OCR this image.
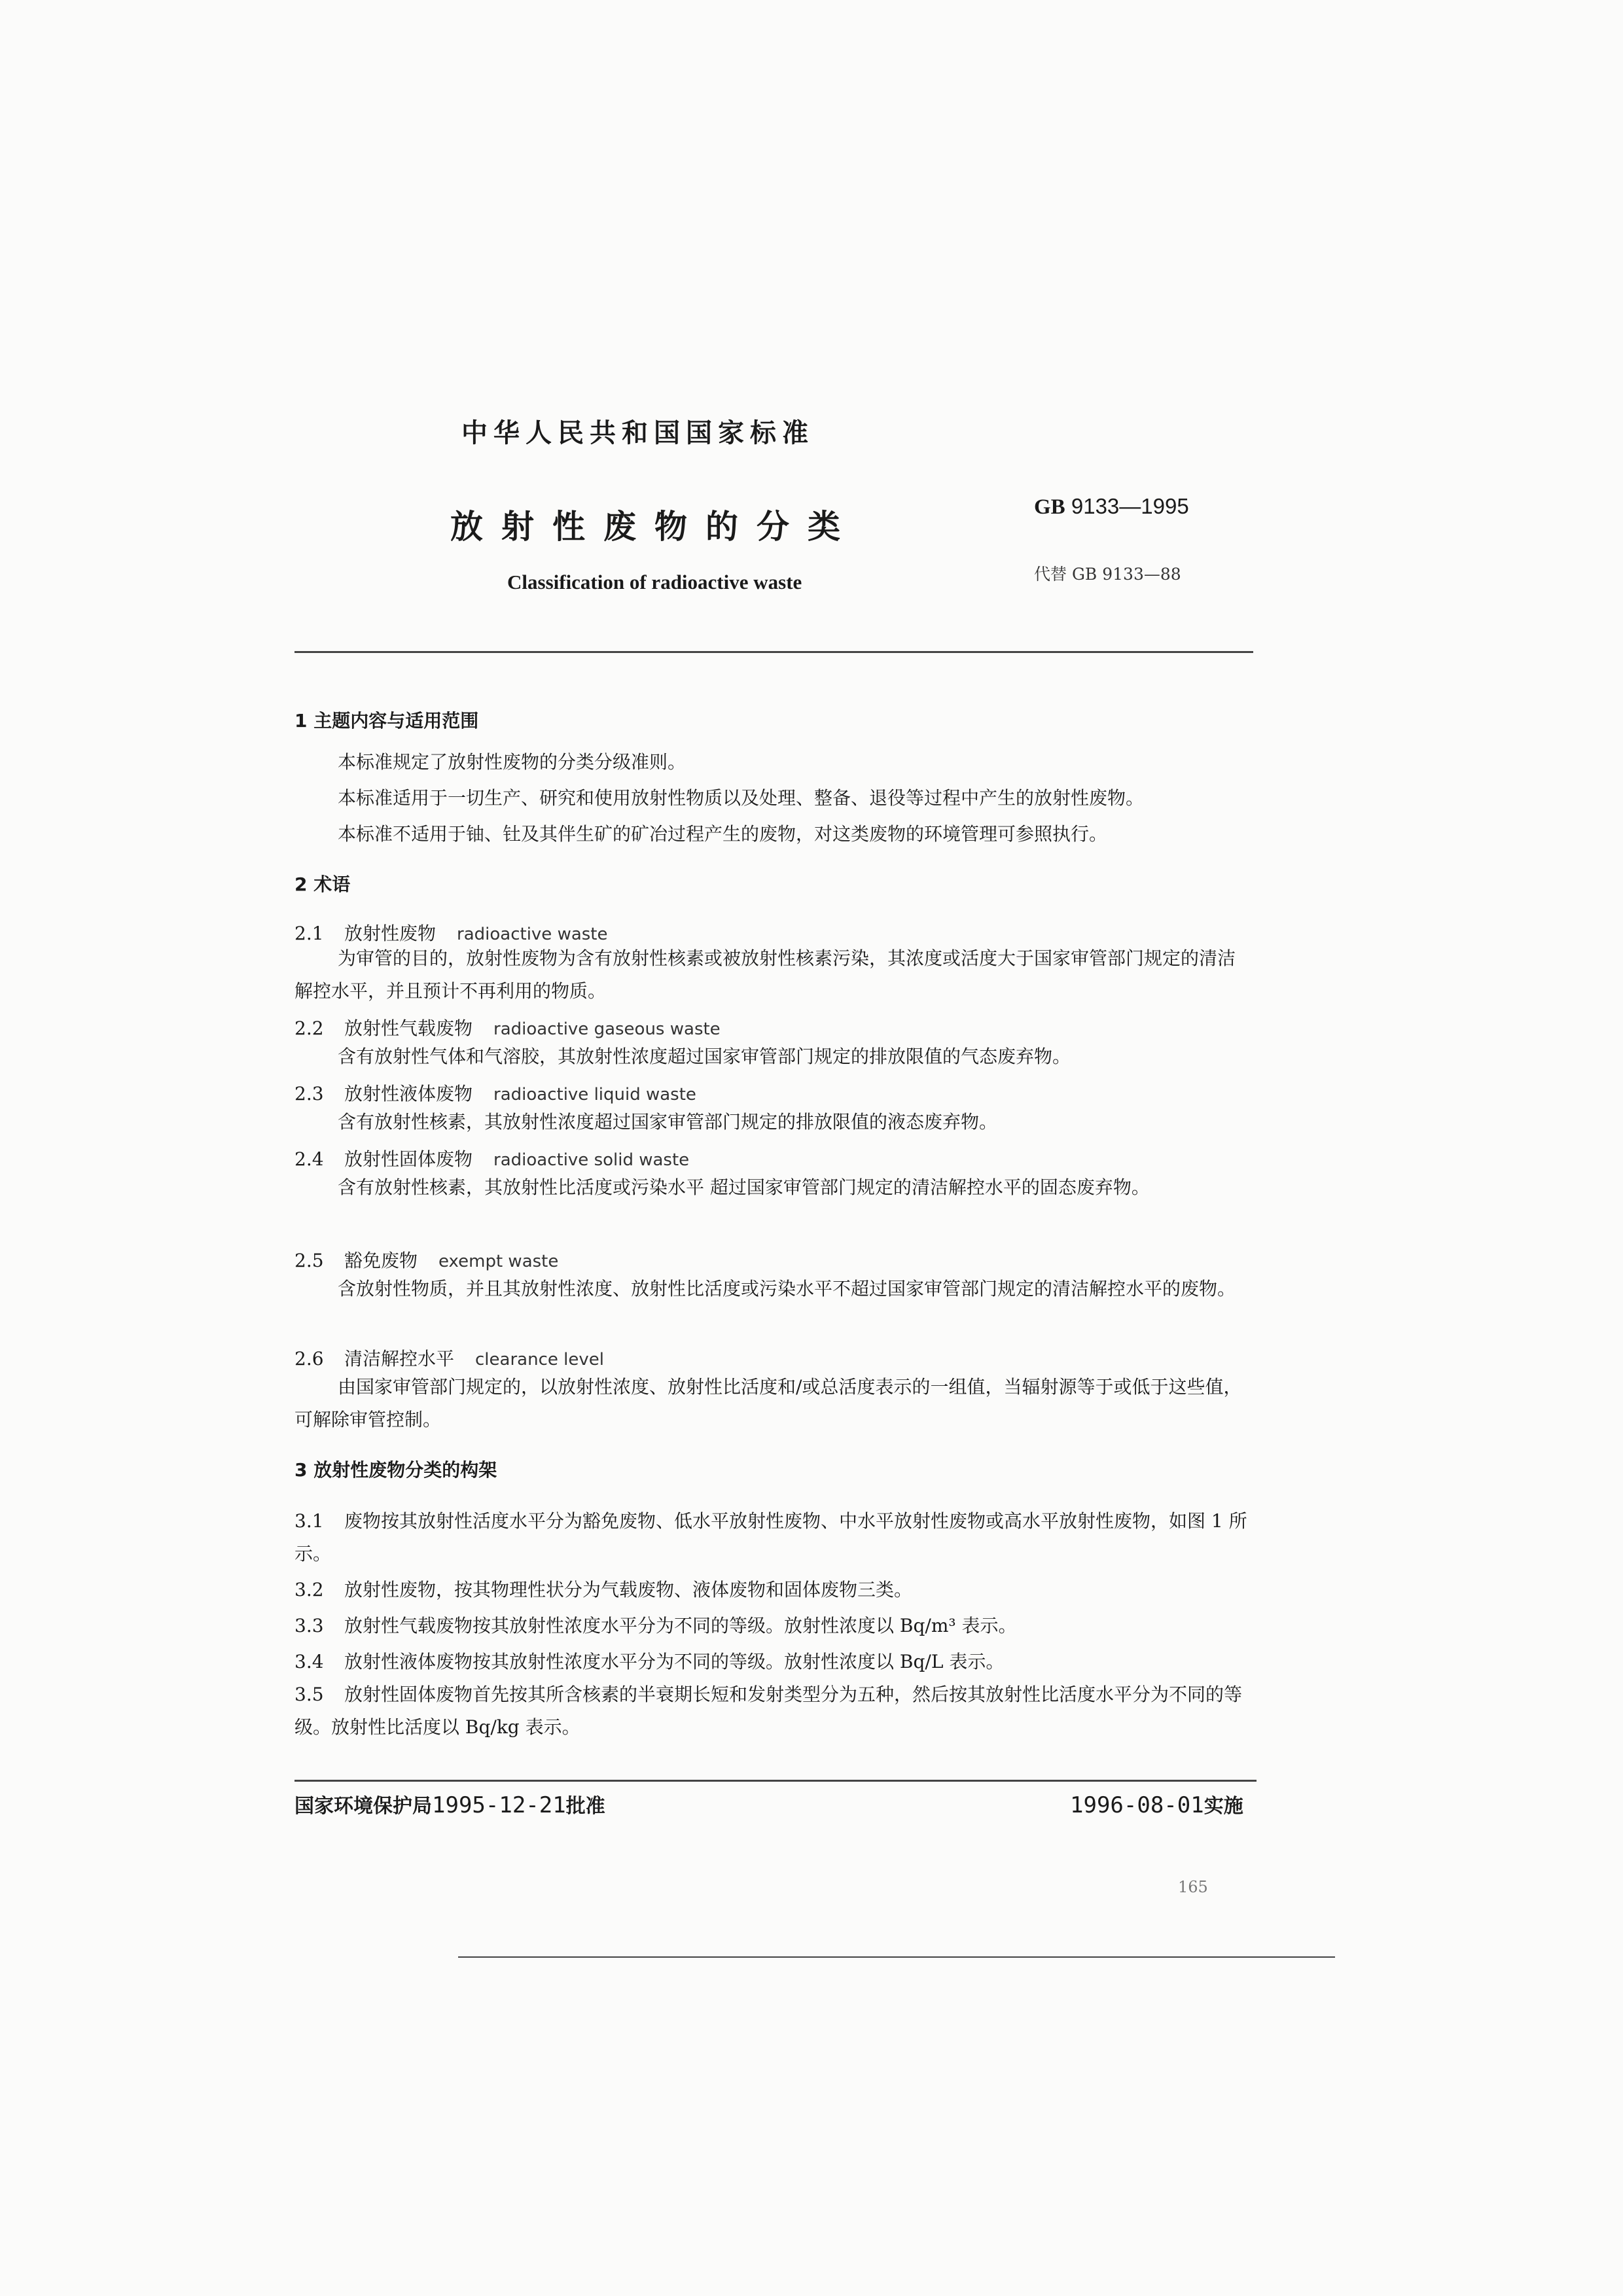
中华人民共和国国家标准
放射性废物的分类
Classification of radioactive waste
GB 9133—1995
代替 GB 9133—88
1 主题内容与适用范围
本标准规定了放射性废物的分类分级准则。
本标准适用于一切生产、研究和使用放射性物质以及处理、整备、退役等过程中产生的放射性废物。
本标准不适用于铀、钍及其伴生矿的矿冶过程产生的废物，对这类废物的环境管理可参照执行。
2 术语
2.1 放射性废物 radioactive waste
为审管的目的，放射性废物为含有放射性核素或被放射性核素污染，其浓度或活度大于国家审管部门规定的清洁解控水平，并且预计不再利用的物质。
2.2 放射性气载废物 radioactive gaseous waste
含有放射性气体和气溶胶，其放射性浓度超过国家审管部门规定的排放限值的气态废弃物。
2.3 放射性液体废物 radioactive liquid waste
含有放射性核素，其放射性浓度超过国家审管部门规定的排放限值的液态废弃物。
2.4 放射性固体废物 radioactive solid waste
含有放射性核素，其放射性比活度或污染水平 超过国家审管部门规定的清洁解控水平的固态废弃物。
2.5 豁免废物 exempt waste
含放射性物质，并且其放射性浓度、放射性比活度或污染水平不超过国家审管部门规定的清洁解控水平的废物。
2.6 清洁解控水平 clearance level
由国家审管部门规定的，以放射性浓度、放射性比活度和/或总活度表示的一组值，当辐射源等于或低于这些值，可解除审管控制。
3 放射性废物分类的构架
3.1 废物按其放射性活度水平分为豁免废物、低水平放射性废物、中水平放射性废物或高水平放射性废物，如图 1 所示。
3.2 放射性废物，按其物理性状分为气载废物、液体废物和固体废物三类。
3.3 放射性气载废物按其放射性浓度水平分为不同的等级。放射性浓度以 Bq/m³ 表示。
3.4 放射性液体废物按其放射性浓度水平分为不同的等级。放射性浓度以 Bq/L 表示。
3.5 放射性固体废物首先按其所含核素的半衰期长短和发射类型分为五种，然后按其放射性比活度水平分为不同的等级。放射性比活度以 Bq/kg 表示。
国家环境保护局1995-12-21批准	1996-08-01实施
165
